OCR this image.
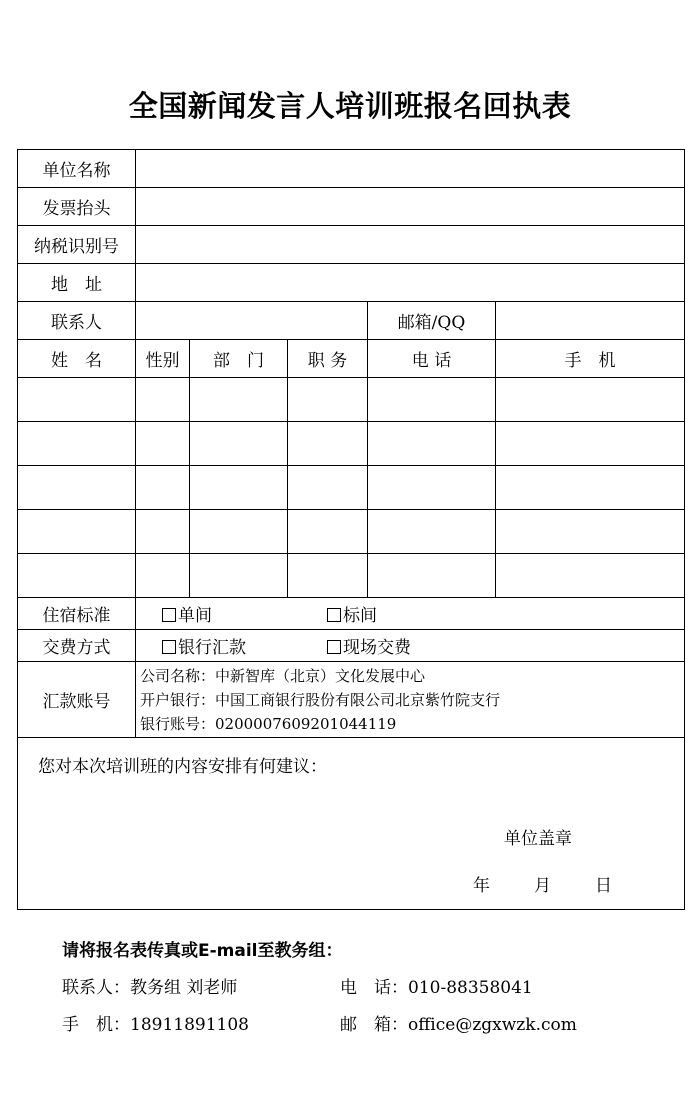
全国新闻发言人培训班报名回执表
单位名称					
发票抬头					
纳税识别号					
地　址					
联系人				邮箱/QQ	
姓　名	性别	部　门	职 务	电 话	手　机

住宿标准	单间 标间				
交费方式	银行汇款 现场交费				
汇款账号	公司名称：中新智库（北京）文化发展中心
开户银行：中国工商银行股份有限公司北京紫竹院支行
银行账号：0200007609201044119				

您对本次培训班的内容安排有何建议：
单位盖章
年 月 日					
请将报名表传真或E-mail至教务组：
联系人：教务组 刘老师	电　话：010-88358041
手　机：18911891108	邮　箱：office@zgxwzk.com
